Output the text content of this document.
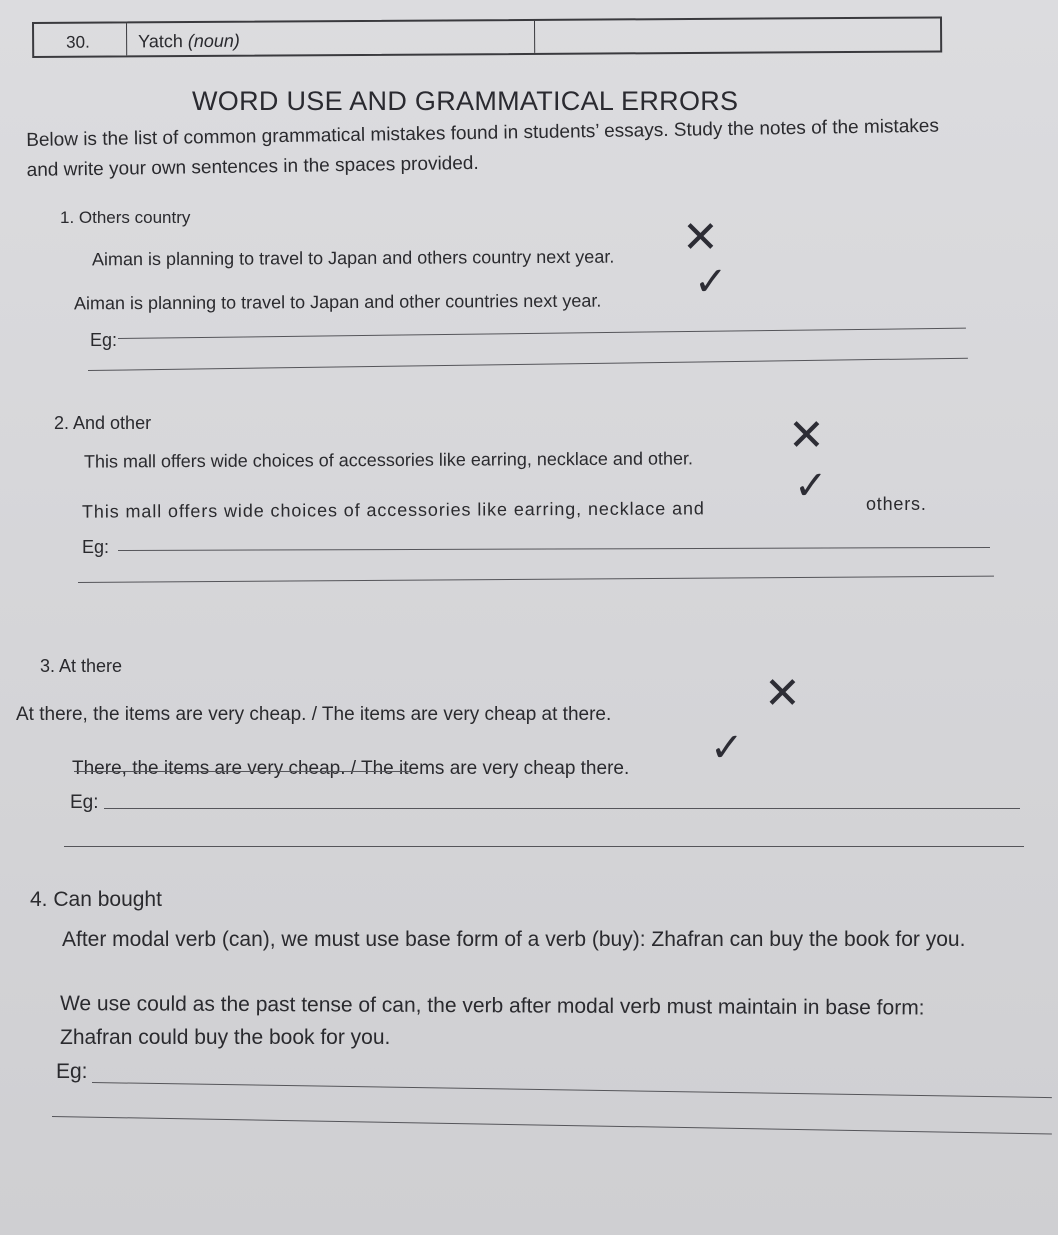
30.	Yatch (noun)
WORD USE AND GRAMMATICAL ERRORS
Below is the list of common grammatical mistakes found in students’ essays. Study the notes of the mistakes and write your own sentences in the spaces provided.
1. Others country
Aiman is planning to travel to Japan and others country next year. ✕
Aiman is planning to travel to Japan and other countries next year. ✓
Eg:
2. And other
This mall offers wide choices of accessories like earring, necklace and other.
✕
This mall offers wide choices of accessories like earring, necklace and
✓ others.
Eg:
3. At there
At there, the items are very cheap. / The items are very cheap at there.	✕
There, the items are very cheap. / The items are very cheap there. ✓
Eg:
4. Can bought
After modal verb (can), we must use base form of a verb (buy): Zhafran can buy the book for you.
We use could as the past tense of can, the verb after modal verb must maintain in base form:
Zhafran could buy the book for you.
Eg:
